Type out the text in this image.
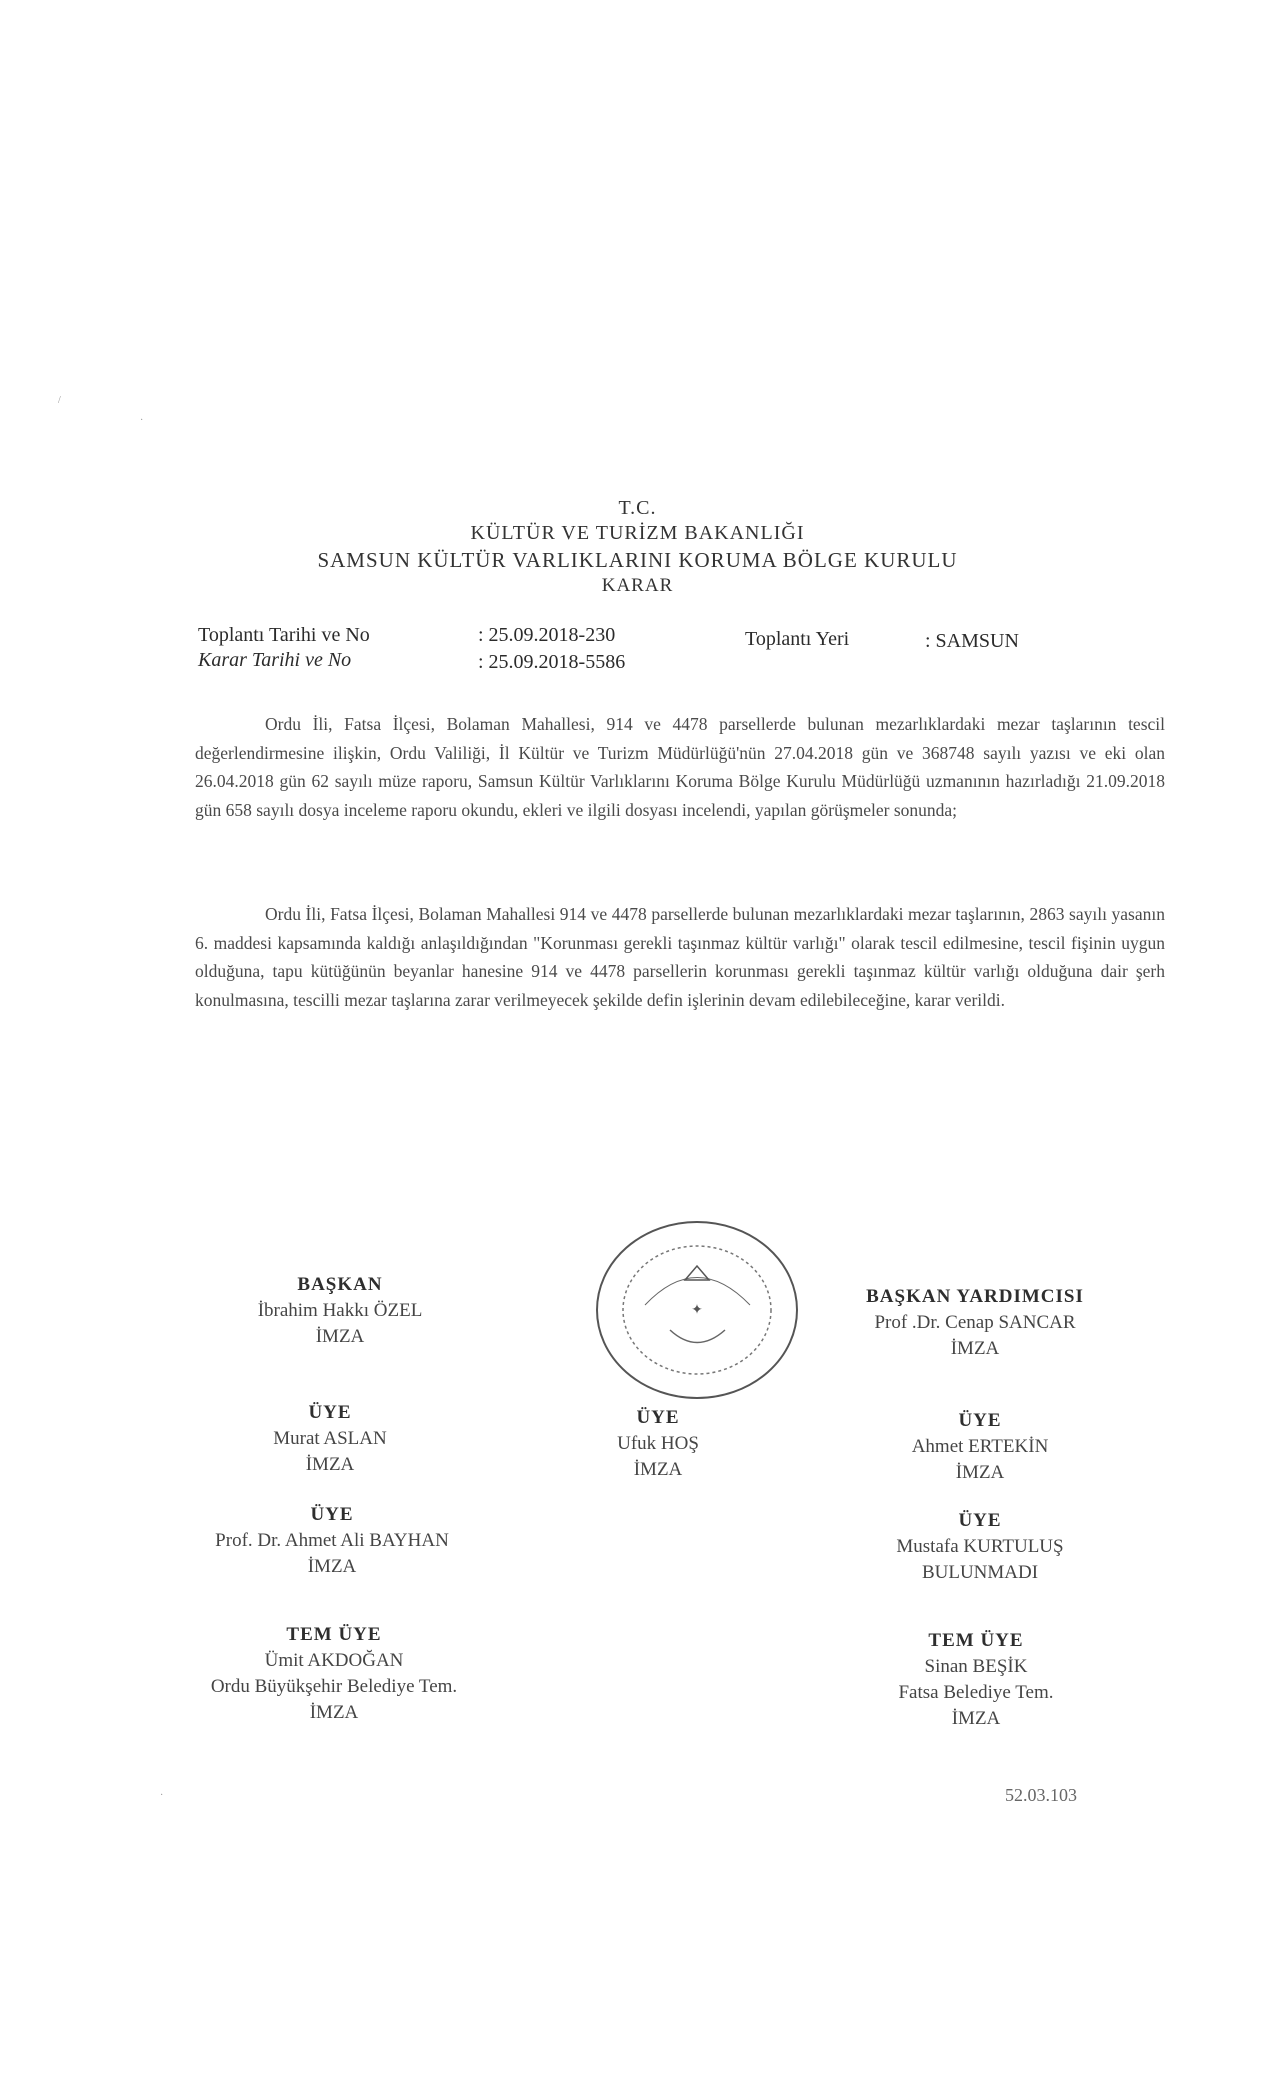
/
·
T.C.
KÜLTÜR VE TURİZM BAKANLIĞI
SAMSUN KÜLTÜR VARLIKLARINI KORUMA BÖLGE KURULU
KARAR
Toplantı Tarihi ve No	: 25.09.2018-230	Toplantı Yeri	: SAMSUN
Karar Tarihi ve No	: 25.09.2018-5586

Ordu İli, Fatsa İlçesi, Bolaman Mahallesi, 914 ve 4478 parsellerde bulunan mezarlıklardaki mezar taşlarının tescil değerlendirmesine ilişkin, Ordu Valiliği, İl Kültür ve Turizm Müdürlüğü'nün 27.04.2018 gün ve 368748 sayılı yazısı ve eki olan 26.04.2018 gün 62 sayılı müze raporu, Samsun Kültür Varlıklarını Koruma Bölge Kurulu Müdürlüğü uzmanının hazırladığı 21.09.2018 gün 658 sayılı dosya inceleme raporu okundu, ekleri ve ilgili dosyası incelendi, yapılan görüşmeler sonunda;

Ordu İli, Fatsa İlçesi, Bolaman Mahallesi 914 ve 4478 parsellerde bulunan mezarlıklardaki mezar taşlarının, 2863 sayılı yasanın 6. maddesi kapsamında kaldığı anlaşıldığından "Korunması gerekli taşınmaz kültür varlığı" olarak tescil edilmesine, tescil fişinin uygun olduğuna, tapu kütüğünün beyanlar hanesine 914 ve 4478 parsellerin korunması gerekli taşınmaz kültür varlığı olduğuna dair şerh konulmasına, tescilli mezar taşlarına zarar verilmeyecek şekilde defin işlerinin devam edilebileceğine, karar verildi.

✦
BAŞKAN
İbrahim Hakkı ÖZEL
İMZA
BAŞKAN YARDIMCISI
Prof .Dr. Cenap SANCAR
İMZA
ÜYE
Murat ASLAN
İMZA
ÜYE
Ufuk HOŞ
İMZA
ÜYE
Ahmet ERTEKİN
İMZA
ÜYE
Prof. Dr. Ahmet Ali BAYHAN
İMZA
ÜYE
Mustafa KURTULUŞ
BULUNMADI
TEM ÜYE
Ümit AKDOĞAN
Ordu Büyükşehir Belediye Tem.
İMZA
TEM ÜYE
Sinan BEŞİK
Fatsa Belediye Tem.
İMZA
52.03.103
·
